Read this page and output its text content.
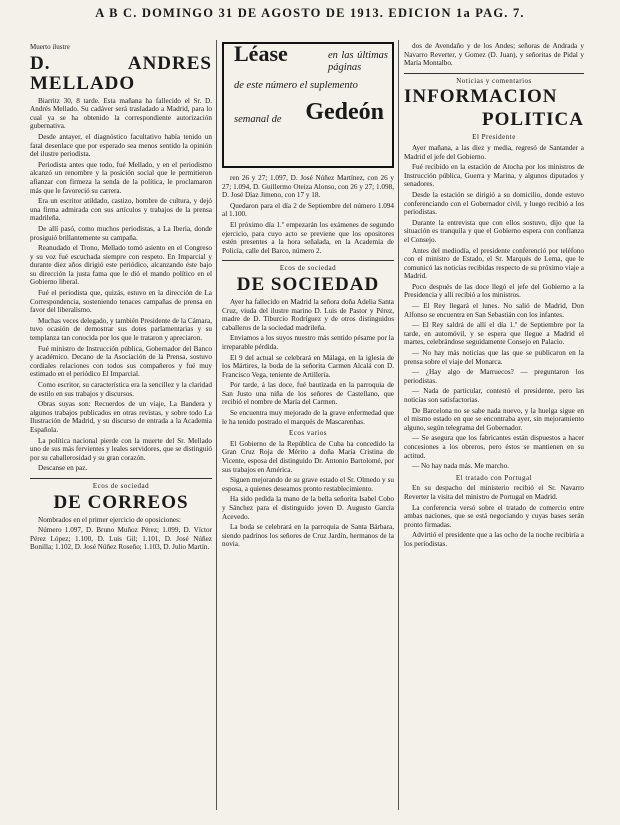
A B C. DOMINGO 31 DE AGOSTO DE 1913. EDICION 1a PAG. 7.
Muerto ilustre
D. ANDRES MELLADO

Biarritz 30, 8 tarde. Esta mañana ha fallecido el Sr. D. Andrés Mellado. Su cadáver será trasladado a Madrid, para lo cual ya se ha obtenido la correspondiente autorización gubernativa.

Desde antayer, el diagnóstico facultativo había tenido un fatal desenlace que por esperado sea menos sentido la opinión del ilustre periodista.

Periodista antes que todo, fué Mellado, y en el periodismo alcanzó un renombre y la posición social que le permitieron afianzar con firmeza la senda de la política, le proclamaron más que le favoreció su carrera.

Era un escritor atildado, castizo, hombre de cultura, y dejó una firma admirada con sus artículos y trabajos de la prensa madrileña.

De allí pasó, como muchos periodistas, a La Iberia, donde prosiguió brillantemente su campaña.

Reanudado el Trono, Mellado tomó asiento en el Congreso y su voz fué escuchada siempre con respeto. En Imparcial y durante diez años dirigió este periódico, alcanzando éste bajo su dirección la justa fama que le dió el mando político en el Gobierno liberal.

Fué el periodista que, quizás, estuvo en la dirección de La Correspondencia, sosteniendo tenaces campañas de prensa en favor del liberalismo.

Muchas veces delegado, y también Presidente de la Cámara, tuvo ocasión de demostrar sus dotes parlamentarias y su templanza tan conocida por los que le trataron y apreciaron.

Fué ministro de Instrucción pública, Gobernador del Banco y académico. Decano de la Asociación de la Prensa, sostuvo cordiales relaciones con todos sus compañeros y fué muy estimado en el periódico El Imparcial.

Como escritor, su característica era la sencillez y la claridad de estilo en sus trabajos y discursos.

Obras suyas son: Recuerdos de un viaje, La Bandera y algunos trabajos publicados en otras revistas, y sobre todo La Ilustración de Madrid, y su discurso de entrada a la Academia Española.

La política nacional pierde con la muerte del Sr. Mellado uno de sus más fervientes y leales servidores, que se distinguió por su caballerosidad y su gran corazón.

Descanse en paz.

Ecos de sociedad
DE CORREOS

Nombrados en el primer ejercicio de oposiciones:

Número 1.097, D. Bruno Muñoz Pérez; 1.099, D. Víctor Pérez López; 1.100, D. Luis Gil; 1.101, D. José Núñez Bonilla; 1.102, D. José Núñez Roseño; 1.103, D. Julio Martín.

Léase	en las últimas páginas
de este número el suplemento
semanal de Gedeón

ren 26 y 27; 1.097, D. José Núñez Martínez, con 26 y 27; 1.094, D. Guillermo Oteiza Alonso, con 26 y 27; 1.098, D. José Díaz Jimeno, con 17 y 18.

Quedaron para el día 2 de Septiembre del número 1.094 al 1.100.

El próximo día 1.º empezarán los exámenes de segundo ejercicio, para cuyo acto se previene que los opositores estén presentes a la hora señalada, en la Academia de Policía, calle del Barco, número 2.

Ecos de sociedad
DE SOCIEDAD

Ayer ha fallecido en Madrid la señora doña Adelia Santa Cruz, viuda del ilustre marino D. Luis de Pastor y Pérez, madre de D. Tiburcio Rodríguez y de otros distinguidos caballeros de la sociedad madrileña.

Enviamos a los suyos nuestro más sentido pésame por la irreparable pérdida.

El 9 del actual se celebrará en Málaga, en la iglesia de los Mártires, la boda de la señorita Carmen Alcalá con D. Francisco Vega, teniente de Artillería.

Por tarde, á las doce, fué bautizada en la parroquia de San Justo una niña de los señores de Castellano, que recibió el nombre de María del Carmen.

Se encuentra muy mejorado de la grave enfermedad que le ha tenido postrado el marqués de Mascarenhas.

Ecos varios

El Gobierno de la República de Cuba ha concedido la Gran Cruz Roja de Mérito a doña María Cristina de Vicente, esposa del distinguido Dr. Antonio Bartolomé, por sus trabajos en América.

Siguen mejorando de su grave estado el Sr. Olmedo y su esposa, a quienes deseamos pronto restablecimiento.

Ha sido pedida la mano de la bella señorita Isabel Cobo y Sánchez para el distinguido joven D. Augusto García Acevedo.

La boda se celebrará en la parroquia de Santa Bárbara, siendo padrinos los señores de Cruz Jardín, hermanos de la novia.

dos de Avendaño y de los Andes; señoras de Andrada y Navarro Reverter, y Gomez (D. Juan), y señoritas de Pidal y María Montalbo.

Noticias y comentarios
INFORMACION
POLITICA
El Presidente

Ayer mañana, a las diez y media, regresó de Santander a Madrid el jefe del Gobierno.

Fué recibido en la estación de Atocha por los ministros de Instrucción pública, Guerra y Marina, y algunos diputados y senadores.

Desde la estación se dirigió a su domicilio, donde estuvo conferenciando con el Gobernador civil, y luego recibió a los periodistas.

Durante la entrevista que con ellos sostuvo, dijo que la situación es tranquila y que el Gobierno espera con confianza el Consejo.

Antes del mediodía, el presidente conferenció por teléfono con el ministro de Estado, el Sr. Marqués de Lema, que le comunicó las noticias recibidas respecto de su próximo viaje a Madrid.

Poco después de las doce llegó el jefe del Gobierno a la Presidencia y allí recibió a los ministros.

— El Rey llegará el lunes. No salió de Madrid, Don Alfonso se encuentra en San Sebastián con los infantes.

— El Rey saldrá de allí el día 1.º de Septiembre por la tarde, en automóvil, y se espera que llegue a Madrid el martes, celebrándose seguidamente Consejo en Palacio.

— No hay más noticias que las que se publicaron en la prensa sobre el viaje del Monarca.

— ¿Hay algo de Marruecos? — preguntaron los periodistas.

— Nada de particular, contestó el presidente, pero las noticias son satisfactorias.

De Barcelona no se sabe nada nuevo, y la huelga sigue en el mismo estado en que se encontraba ayer, sin mejoramiento alguno, según telegrama del Gobernador.

— Se asegura que los fabricantes están dispuestos a hacer concesiones a los obreros, pero éstos se mantienen en su actitud.

— No hay nada más. Me marcho.

El tratado con Portugal

En su despacho del ministerio recibió el Sr. Navarro Reverter la visita del ministro de Portugal en Madrid.

La conferencia versó sobre el tratado de comercio entre ambas naciones, que se está negociando y cuyas bases serán pronto firmadas.

Advirtió el presidente que a las ocho de la noche recibiría a los periodistas.
